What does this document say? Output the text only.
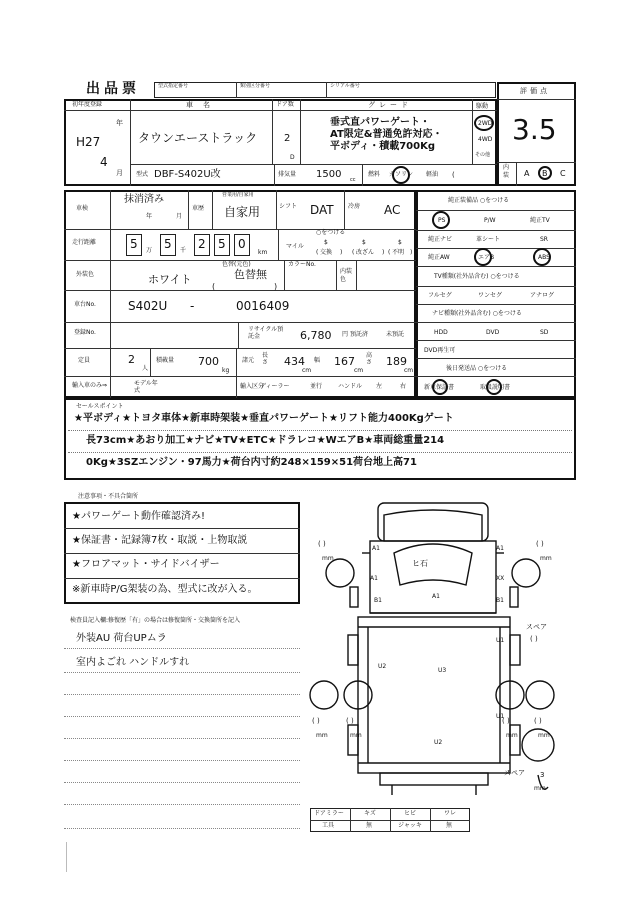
出品票	型式指定番号	類別区分番号	シリアル番号
評価点
3.5
内装	A B C
初年度登録
H27
年
4
月
車名
タウンエーストラック
ドア数
2
D
グレード
垂式直パワーゲート・
AT限定&普通免許対応・
平ボディ・積載700Kg
駆動
2WD
4WD
その他
型式 DBF-S402U改	排気量 1500 cc
燃料 ガソリン 軽油 (
車検
抹消済み
年	月
車歴
営業用/自家用
自家用	シフト DAT 冷房 AC
走行距離	5 万 5 千 2 5 0
km
○をつける
マイル
$
( 交換 )
$
( 改ざん )
$
( 不明 )
外装色	ホワイト
色替(元色)
色替無
(	)
カラーNo.
内装色
車台No.	S402U -	0016409
登録No.	リサイクル預託金	6,780 円 預託済	未預託
定員	2
人
積載量 700
kg
諸元
長さ 434
cm
幅 167
cm
高さ 189
cm
輸入車のみ⇒	モデル年式
輸入区分
ディーラー	並行	ハンドル 左	右
純正装備品 ○をつける
PS	P/W	純正TV
純正ナビ	革シート	SR
純正AW	エアB	ABS
TV種類(社外品含む) ○をつける
フルセグ	ワンセグ	アナログ
ナビ種類(社外品含む) ○をつける
HDD	DVD	SD
DVD再生可
後日発送品 ○をつける
新車保証書	取扱説明書
セールスポイント
★平ボディ★トヨタ車体★新車時架装★垂直パワーゲート★リフト能力400Kgゲート
長73cm★あおり加工★ナビ★TV★ETC★ドラレコ★WエアB★車両総重量214
0Kg★3SZエンジン・97馬力★荷台内寸約248×159×51荷台地上高71
注意事項・不具合箇所
★パワーゲート動作確認済み!
★保証書・記録簿7枚・取説・上物取説
★フロアマット・サイドバイザー
※新車時P/G架装の為、型式に改が入る。
検査員記入欄:修復歴「有」の場合は修復箇所・交換箇所を記入
外装AU 荷台UPムラ
室内よごれ ハンドルすれ
ヒ石
A1	A1
A1	XX
A1
B1	B1
U1
U2
U3
U1
U2
スペア
( )
スペア 3
mm
( )
mm
( )
mm
( )
mm
( )
mm
( )
mm
( )
mm
ドアミラー	キズ	ヒビ	ワレ
工具	無	ジャッキ	無
